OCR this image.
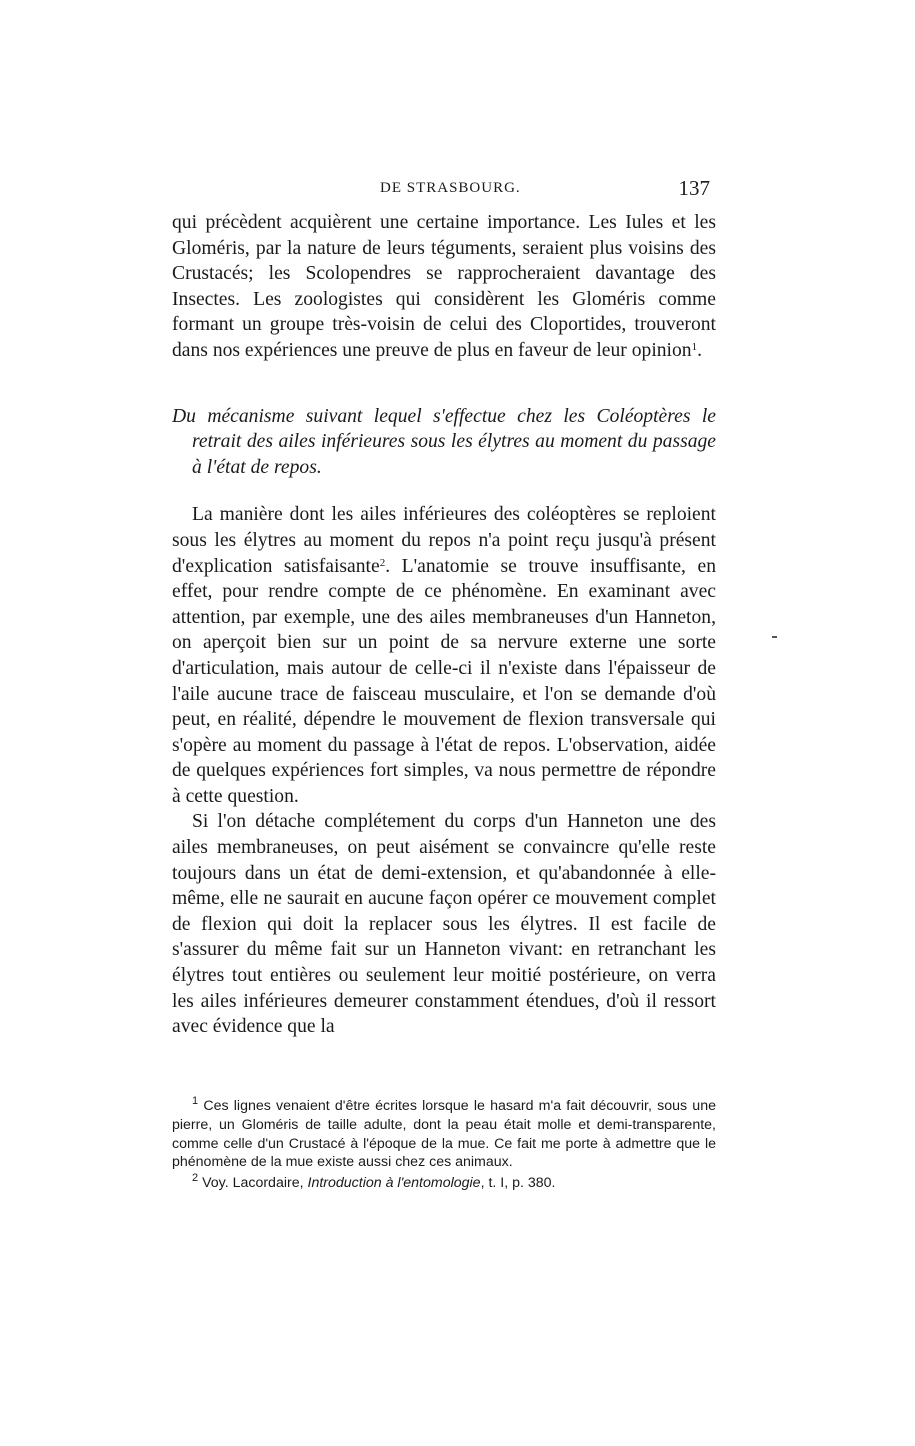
DE STRASBOURG.	137

qui précèdent acquièrent une certaine importance. Les Iules et les Gloméris, par la nature de leurs téguments, seraient plus voisins des Crustacés; les Scolopendres se rapprocheraient davantage des Insectes. Les zoologistes qui considèrent les Gloméris comme formant un groupe très-voisin de celui des Cloportides, trouveront dans nos expériences une preuve de plus en faveur de leur opinion$^1$.

Du mécanisme suivant lequel s'effectue chez les Coléoptères le retrait des ailes inférieures sous les élytres au moment du passage à l'état de repos.

La manière dont les ailes inférieures des coléoptères se replоient sous les élytres au moment du repos n'a point reçu jusqu'à présent d'explication satisfaisante$^2$. L'anatomie se trouve insuffisante, en effet, pour rendre compte de ce phénomène. En examinant avec attention, par exemple, une des ailes membraneuses d'un Hanneton, on aperçoit bien sur un point de sa nervure externe une sorte d'articulation, mais autour de celle-ci il n'existe dans l'épaisseur de l'aile aucune trace de faisceau musculaire, et l'on se demande d'où peut, en réalité, dépendre le mouvement de flexion transversale qui s'opère au moment du passage à l'état de repos. L'observation, aidée de quelques expériences fort simples, va nous permettre de répondre à cette question.

Si l'on détache complétement du corps d'un Hanneton une des ailes membraneuses, on peut aisément se convaincre qu'elle reste toujours dans un état de demi-extension, et qu'abandonnée à elle-même, elle ne saurait en aucune façon opérer ce mouvement complet de flexion qui doit la replacer sous les élytres. Il est facile de s'assurer du même fait sur un Hanneton vivant: en retranchant les élytres tout entières ou seulement leur moitié postérieure, on verra les ailes inférieures demeurer constamment étendues, d'où il ressort avec évidence que la

$^1$ Ces lignes venaient d'être écrites lorsque le hasard m'a fait découvrir, sous une pierre, un Gloméris de taille adulte, dont la peau était molle et demi-transparente, comme celle d'un Crustacé à l'époque de la mue. Ce fait me porte à admettre que le phénomène de la mue existe aussi chez ces animaux.

$^2$ Voy. Lacordaire, Introduction à l'entomologie, t. I, p. 380.
